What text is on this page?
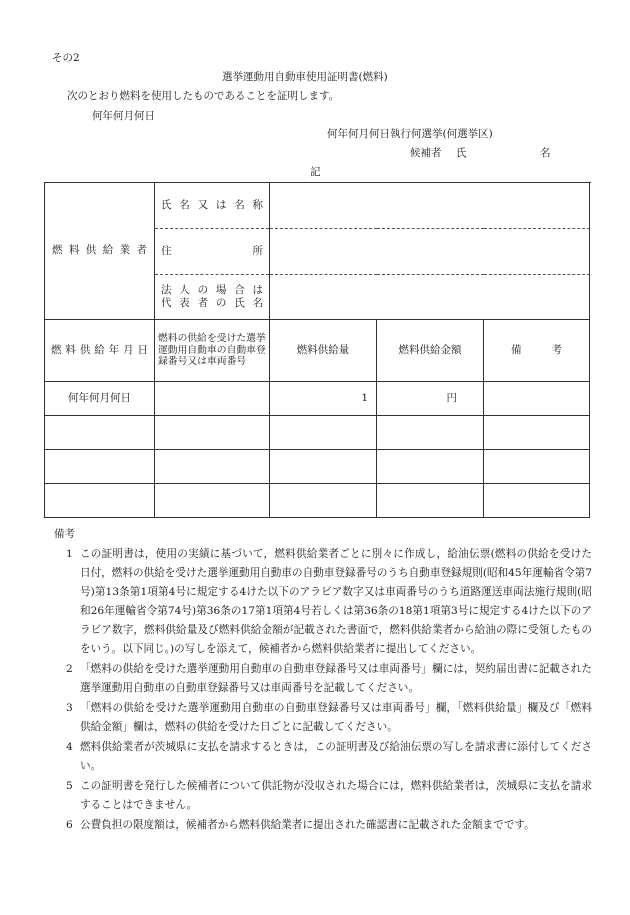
その2
選挙運動用自動車使用証明書(燃料)
次のとおり燃料を使用したものであることを証明します。
何年何月何日
何年何月何日執行何選挙(何選挙区)
候補者 氏	名
記
燃料供給業者	氏名又は名称			

	住 所			

	法人の場合は
代表者の氏名			

燃料供給年月日	燃料の供給を受けた選挙運動用自動車の自動車登録番号又は車両番号	燃料供給量	燃料供給金額	備 考
何年何月何日		1	円	

備考
1 この証明書は，使用の実績に基づいて，燃料供給業者ごとに別々に作成し，給油伝票(燃料の供給を受けた日付，燃料の供給を受けた選挙運動用自動車の自動車登録番号のうち自動車登録規則(昭和45年運輸省令第7号)第13条第1項第4号に規定する4けた以下のアラビア数字又は車両番号のうち道路運送車両法施行規則(昭和26年運輸省令第74号)第36条の17第1項第4号若しくは第36条の18第1項第3号に規定する4けた以下のアラビア数字，燃料供給量及び燃料供給金額が記載された書面で，燃料供給業者から給油の際に受領したものをいう。以下同じ。)の写しを添えて，候補者から燃料供給業者に提出してください。
2 「燃料の供給を受けた選挙運動用自動車の自動車登録番号又は車両番号」欄には，契約届出書に記載された選挙運動用自動車の自動車登録番号又は車両番号を記載してください。
3 「燃料の供給を受けた選挙運動用自動車の自動車登録番号又は車両番号」欄，「燃料供給量」欄及び「燃料供給金額」欄は，燃料の供給を受けた日ごとに記載してください。
4 燃料供給業者が茨城県に支払を請求するときは，この証明書及び給油伝票の写しを請求書に添付してください。
5 この証明書を発行した候補者について供託物が没収された場合には，燃料供給業者は，茨城県に支払を請求することはできません。
6 公費負担の限度額は，候補者から燃料供給業者に提出された確認書に記載された金額までです。
